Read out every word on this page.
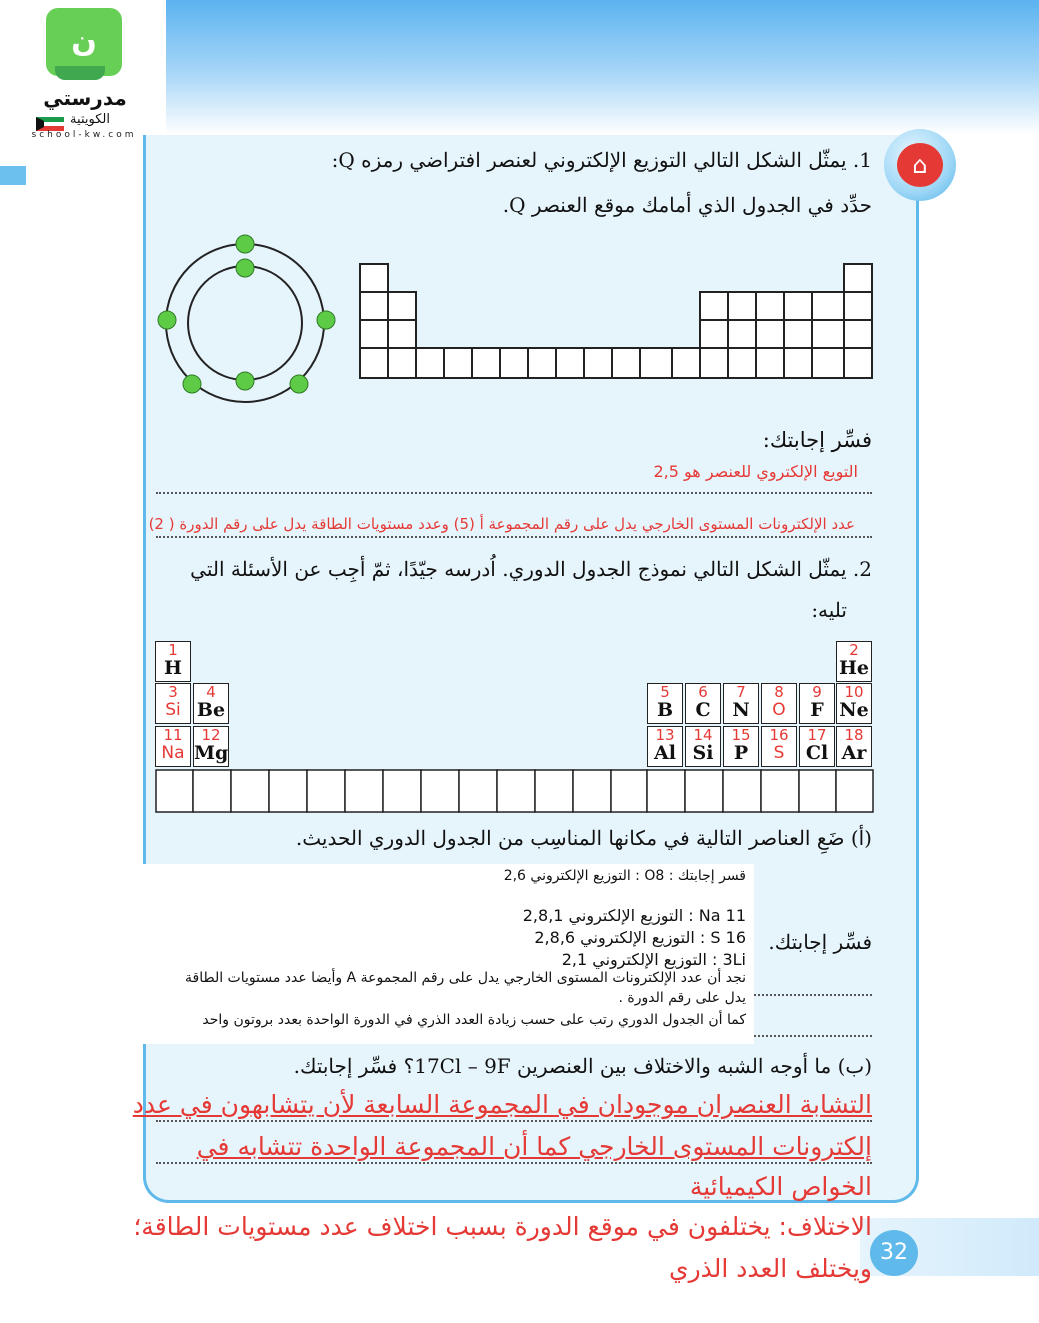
ن
مدرستي
الكويتية
school-kw.com
⌂
1. يمثّل الشكل التالي التوزيع الإلكتروني لعنصر افتراضي رمزه Q:
حدِّد في الجدول الذي أمامك موقع العنصر Q.
فسِّر إجابتك:
التويع الإلكتروي للعنصر هو 2,5
عدد الإلكترونات المستوى الخارجي يدل على رقم المجموعة أ (5) وعدد مستويات الطاقة يدل على رقم الدورة ( 2)
2. يمثّل الشكل التالي نموذج الجدول الدوري. اُدرسه جيّدًا، ثمّ أجِب عن الأسئلة التي
تليه:
1
H
2
He
3
Si
4
Be
5
B
6
C
7
N
8
O
9
F
10
Ne
11
Na
12
Mg
13
Al
14
Si
15
P
16
S
17
Cl
18
Ar
(أ) ضَعِ العناصر التالية في مكانها المناسِب من الجدول الدوري الحديث.
فسِّر إجابتك.
قسر إجابتك : O8 : التوزيع الإلكتروني 2,6
11 Na : التوزيع الإلكتروني 2,8,1
S 16 : التوزيع الإلكتروني 2,8,6
3Li : التوزيع الإلكتروني 2,1
نجد أن عدد الإلكترونات المستوى الخارجي يدل على رقم المجموعة A وأيضا عدد مستويات الطاقة
يدل على رقم الدورة .
كما أن الجدول الدوري رتب على حسب زيادة العدد الذري في الدورة الواحدة بعدد بروتون واحد
(ب) ما أوجه الشبه والاختلاف بين العنصرين 17Cl – 9F؟ فسِّر إجابتك.
التشابة العنصران موجودان في المجموعة السابعة لأن يتشابهون في عدد
إلكترونات المستوى الخارجي كما أن المجموعة الواحدة تتشابه في
الخواص الكيميائية
32
الاختلاف: يختلفون في موقع الدورة بسبب اختلاف عدد مستويات الطاقة؛
ويختلف العدد الذري
